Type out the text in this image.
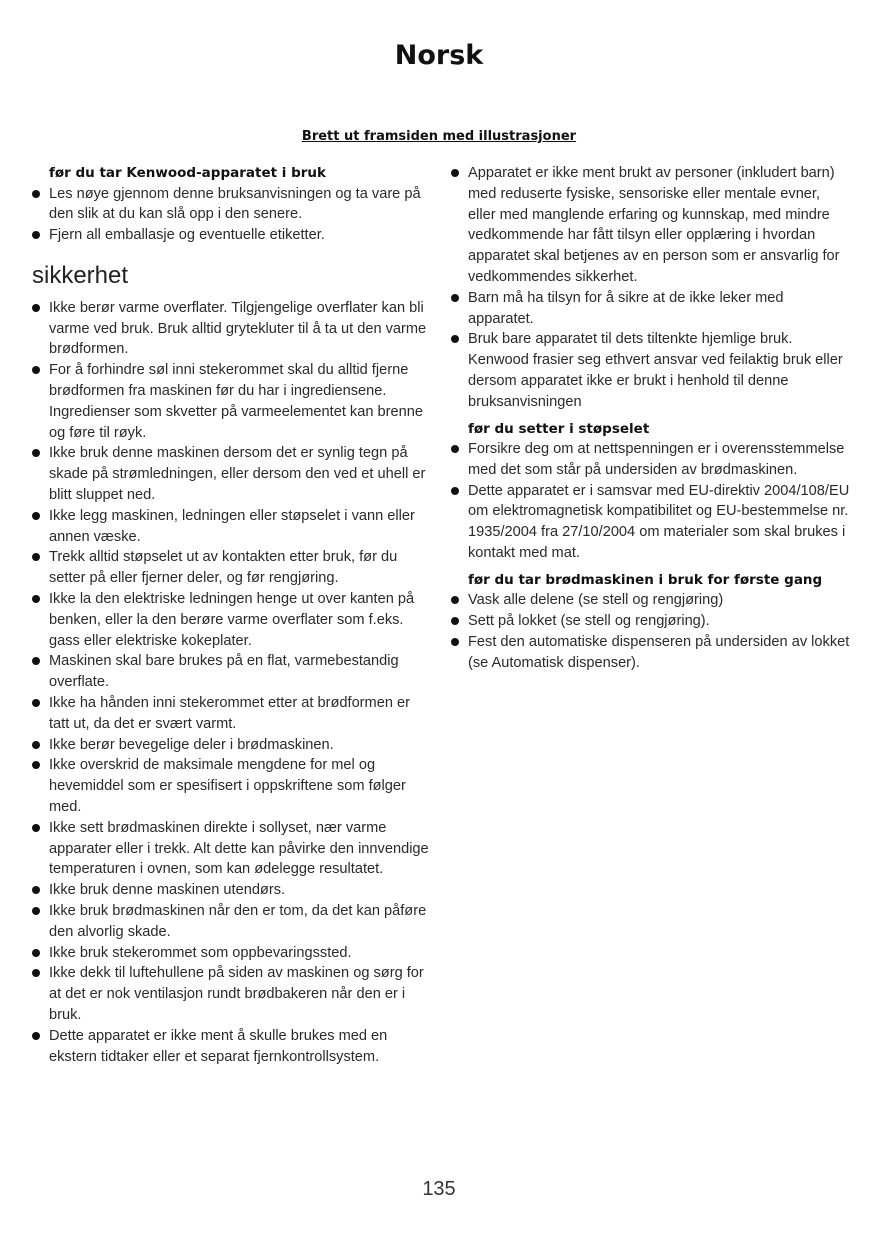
Norsk
Brett ut framsiden med illustrasjoner
før du tar Kenwood-apparatet i bruk
Les nøye gjennom denne bruksanvisningen og ta vare på den slik at du kan slå opp i den senere.
Fjern all emballasje og eventuelle etiketter.
sikkerhet
Ikke berør varme overflater. Tilgjengelige overflater kan bli varme ved bruk. Bruk alltid grytekluter til å ta ut den varme brødformen.
For å forhindre søl inni stekerommet skal du alltid fjerne brødformen fra maskinen før du har i ingrediensene. Ingredienser som skvetter på varmeelementet kan brenne og føre til røyk.
Ikke bruk denne maskinen dersom det er synlig tegn på skade på strømledningen, eller dersom den ved et uhell er blitt sluppet ned.
Ikke legg maskinen, ledningen eller støpselet i vann eller annen væske.
Trekk alltid støpselet ut av kontakten etter bruk, før du setter på eller fjerner deler, og før rengjøring.
Ikke la den elektriske ledningen henge ut over kanten på benken, eller la den berøre varme overflater som f.eks. gass eller elektriske kokeplater.
Maskinen skal bare brukes på en flat, varmebestandig overflate.
Ikke ha hånden inni stekerommet etter at brødformen er tatt ut, da det er svært varmt.
Ikke berør bevegelige deler i brødmaskinen.
Ikke overskrid de maksimale mengdene for mel og hevemiddel som er spesifisert i oppskriftene som følger med.
Ikke sett brødmaskinen direkte i sollyset, nær varme apparater eller i trekk. Alt dette kan påvirke den innvendige temperaturen i ovnen, som kan ødelegge resultatet.
Ikke bruk denne maskinen utendørs.
Ikke bruk brødmaskinen når den er tom, da det kan påføre den alvorlig skade.
Ikke bruk stekerommet som oppbevaringssted.
Ikke dekk til luftehullene på siden av maskinen og sørg for at det er nok ventilasjon rundt brødbakeren når den er i bruk.
Dette apparatet er ikke ment å skulle brukes med en ekstern tidtaker eller et separat fjernkontrollsystem.
Apparatet er ikke ment brukt av personer (inkludert barn) med reduserte fysiske, sensoriske eller mentale evner, eller med manglende erfaring og kunnskap, med mindre vedkommende har fått tilsyn eller opplæring i hvordan apparatet skal betjenes av en person som er ansvarlig for vedkommendes sikkerhet.
Barn må ha tilsyn for å sikre at de ikke leker med apparatet.
Bruk bare apparatet til dets tiltenkte hjemlige bruk. Kenwood frasier seg ethvert ansvar ved feilaktig bruk eller dersom apparatet ikke er brukt i henhold til denne bruksanvisningen
før du setter i støpselet
Forsikre deg om at nettspenningen er i overensstemmelse med det som står på undersiden av brødmaskinen.
Dette apparatet er i samsvar med EU-direktiv 2004/108/EU om elektromagnetisk kompatibilitet og EU-bestemmelse nr. 1935/2004 fra 27/10/2004 om materialer som skal brukes i kontakt med mat.
før du tar brødmaskinen i bruk for første gang
Vask alle delene (se stell og rengjøring)
Sett på lokket (se stell og rengjøring).
Fest den automatiske dispenseren på undersiden av lokket (se Automatisk dispenser).
135
